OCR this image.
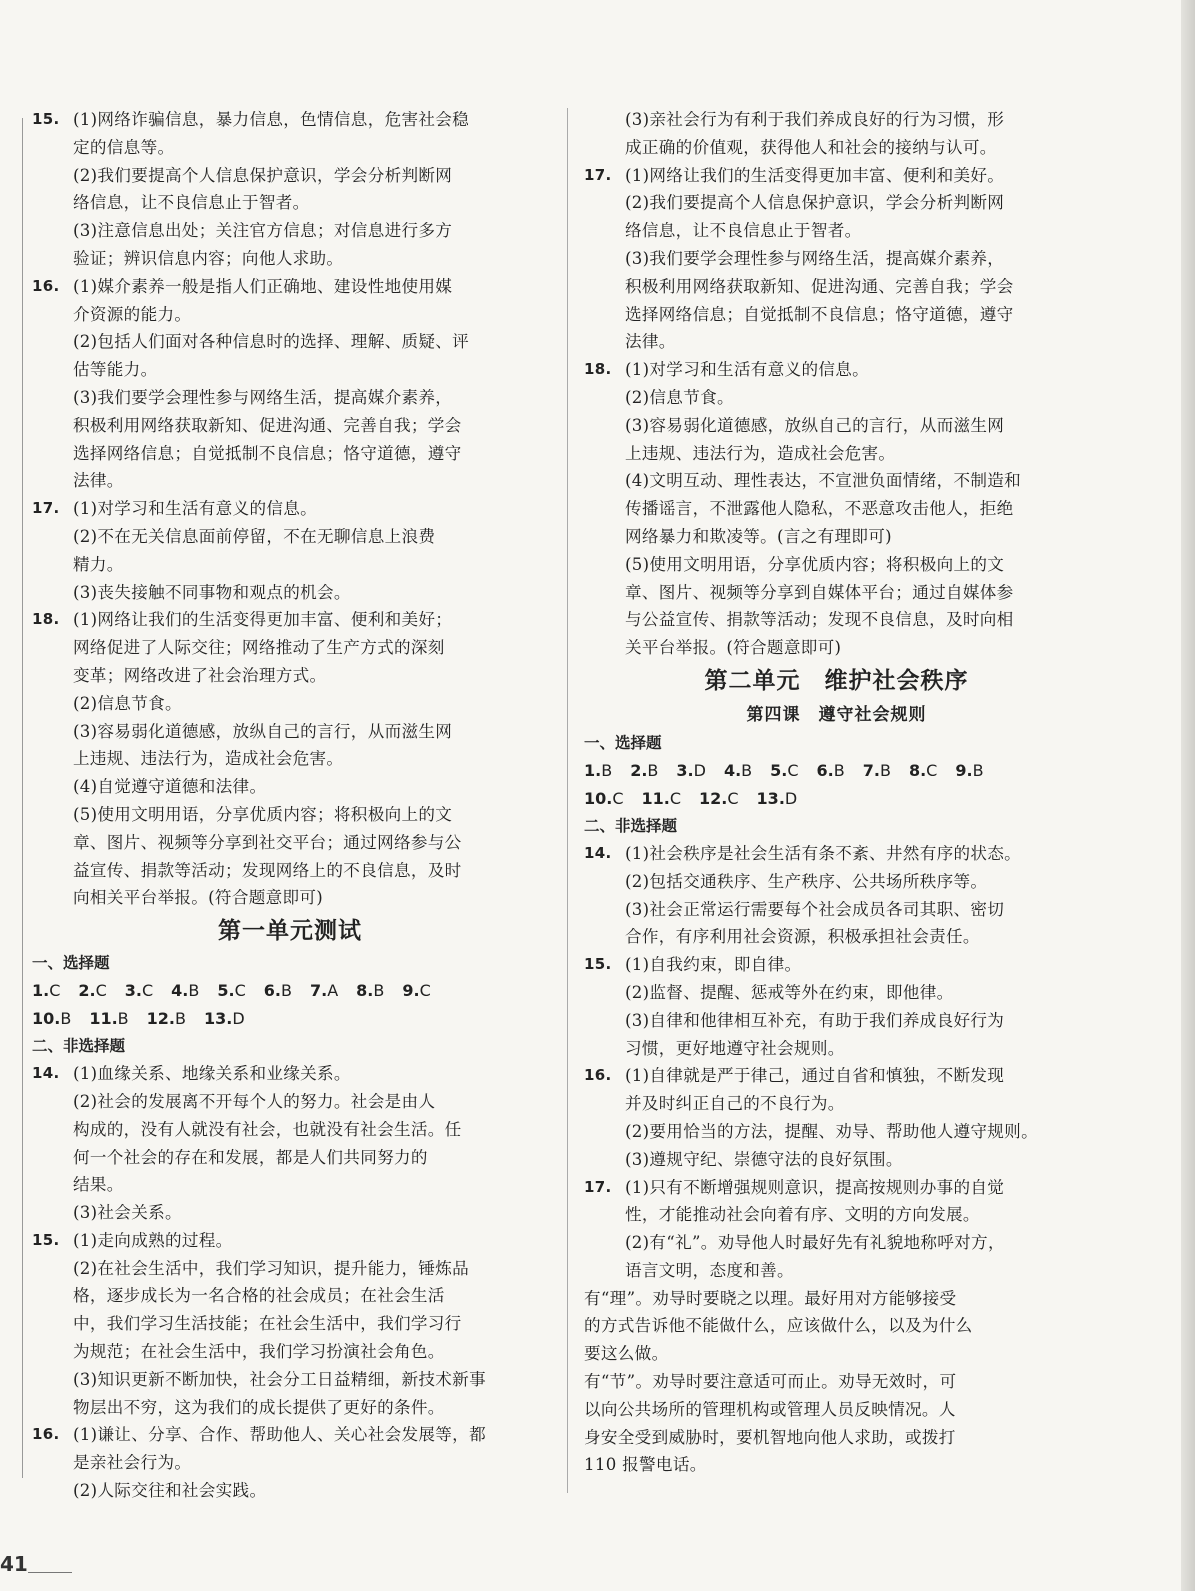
15. (1)网络诈骗信息，暴力信息，色情信息，危害社会稳
定的信息等。
(2)我们要提高个人信息保护意识，学会分析判断网
络信息，让不良信息止于智者。
(3)注意信息出处；关注官方信息；对信息进行多方
验证；辨识信息内容；向他人求助。
16. (1)媒介素养一般是指人们正确地、建设性地使用媒
介资源的能力。
(2)包括人们面对各种信息时的选择、理解、质疑、评
估等能力。
(3)我们要学会理性参与网络生活，提高媒介素养，
积极利用网络获取新知、促进沟通、完善自我；学会
选择网络信息；自觉抵制不良信息；恪守道德，遵守
法律。
17. (1)对学习和生活有意义的信息。
(2)不在无关信息面前停留，不在无聊信息上浪费
精力。
(3)丧失接触不同事物和观点的机会。
18. (1)网络让我们的生活变得更加丰富、便利和美好；
网络促进了人际交往；网络推动了生产方式的深刻
变革；网络改进了社会治理方式。
(2)信息节食。
(3)容易弱化道德感，放纵自己的言行，从而滋生网
上违规、违法行为，造成社会危害。
(4)自觉遵守道德和法律。
(5)使用文明用语，分享优质内容；将积极向上的文
章、图片、视频等分享到社交平台；通过网络参与公
益宣传、捐款等活动；发现网络上的不良信息，及时
向相关平台举报。(符合题意即可)
第一单元测试
一、选择题
1.C 2.C 3.C 4.B 5.C 6.B 7.A 8.B 9.C
10.B 11.B 12.B 13.D
二、非选择题
14. (1)血缘关系、地缘关系和业缘关系。
(2)社会的发展离不开每个人的努力。社会是由人
构成的，没有人就没有社会，也就没有社会生活。任
何一个社会的存在和发展，都是人们共同努力的
结果。
(3)社会关系。
15. (1)走向成熟的过程。
(2)在社会生活中，我们学习知识，提升能力，锤炼品
格，逐步成长为一名合格的社会成员；在社会生活
中，我们学习生活技能；在社会生活中，我们学习行
为规范；在社会生活中，我们学习扮演社会角色。
(3)知识更新不断加快，社会分工日益精细，新技术新事
物层出不穷，这为我们的成长提供了更好的条件。
16. (1)谦让、分享、合作、帮助他人、关心社会发展等，都
是亲社会行为。
(2)人际交往和社会实践。
(3)亲社会行为有利于我们养成良好的行为习惯，形
成正确的价值观，获得他人和社会的接纳与认可。
17. (1)网络让我们的生活变得更加丰富、便利和美好。
(2)我们要提高个人信息保护意识，学会分析判断网
络信息，让不良信息止于智者。
(3)我们要学会理性参与网络生活，提高媒介素养，
积极利用网络获取新知、促进沟通、完善自我；学会
选择网络信息；自觉抵制不良信息；恪守道德，遵守
法律。
18. (1)对学习和生活有意义的信息。
(2)信息节食。
(3)容易弱化道德感，放纵自己的言行，从而滋生网
上违规、违法行为，造成社会危害。
(4)文明互动、理性表达，不宣泄负面情绪，不制造和
传播谣言，不泄露他人隐私，不恶意攻击他人，拒绝
网络暴力和欺凌等。(言之有理即可)
(5)使用文明用语，分享优质内容；将积极向上的文
章、图片、视频等分享到自媒体平台；通过自媒体参
与公益宣传、捐款等活动；发现不良信息，及时向相
关平台举报。(符合题意即可)
第二单元　维护社会秩序
第四课　遵守社会规则
一、选择题
1.B 2.B 3.D 4.B 5.C 6.B 7.B 8.C 9.B
10.C 11.C 12.C 13.D
二、非选择题
14. (1)社会秩序是社会生活有条不紊、井然有序的状态。
(2)包括交通秩序、生产秩序、公共场所秩序等。
(3)社会正常运行需要每个社会成员各司其职、密切
合作，有序利用社会资源，积极承担社会责任。
15. (1)自我约束，即自律。
(2)监督、提醒、惩戒等外在约束，即他律。
(3)自律和他律相互补充，有助于我们养成良好行为
习惯，更好地遵守社会规则。
16. (1)自律就是严于律己，通过自省和慎独，不断发现
并及时纠正自己的不良行为。
(2)要用恰当的方法，提醒、劝导、帮助他人遵守规则。
(3)遵规守纪、崇德守法的良好氛围。
17. (1)只有不断增强规则意识，提高按规则办事的自觉
性，才能推动社会向着有序、文明的方向发展。
(2)有“礼”。劝导他人时最好先有礼貌地称呼对方，
语言文明，态度和善。
有“理”。劝导时要晓之以理。最好用对方能够接受
的方式告诉他不能做什么，应该做什么，以及为什么
要这么做。
有“节”。劝导时要注意适可而止。劝导无效时，可
以向公共场所的管理机构或管理人员反映情况。人
身安全受到威胁时，要机智地向他人求助，或拨打
110 报警电话。
41
